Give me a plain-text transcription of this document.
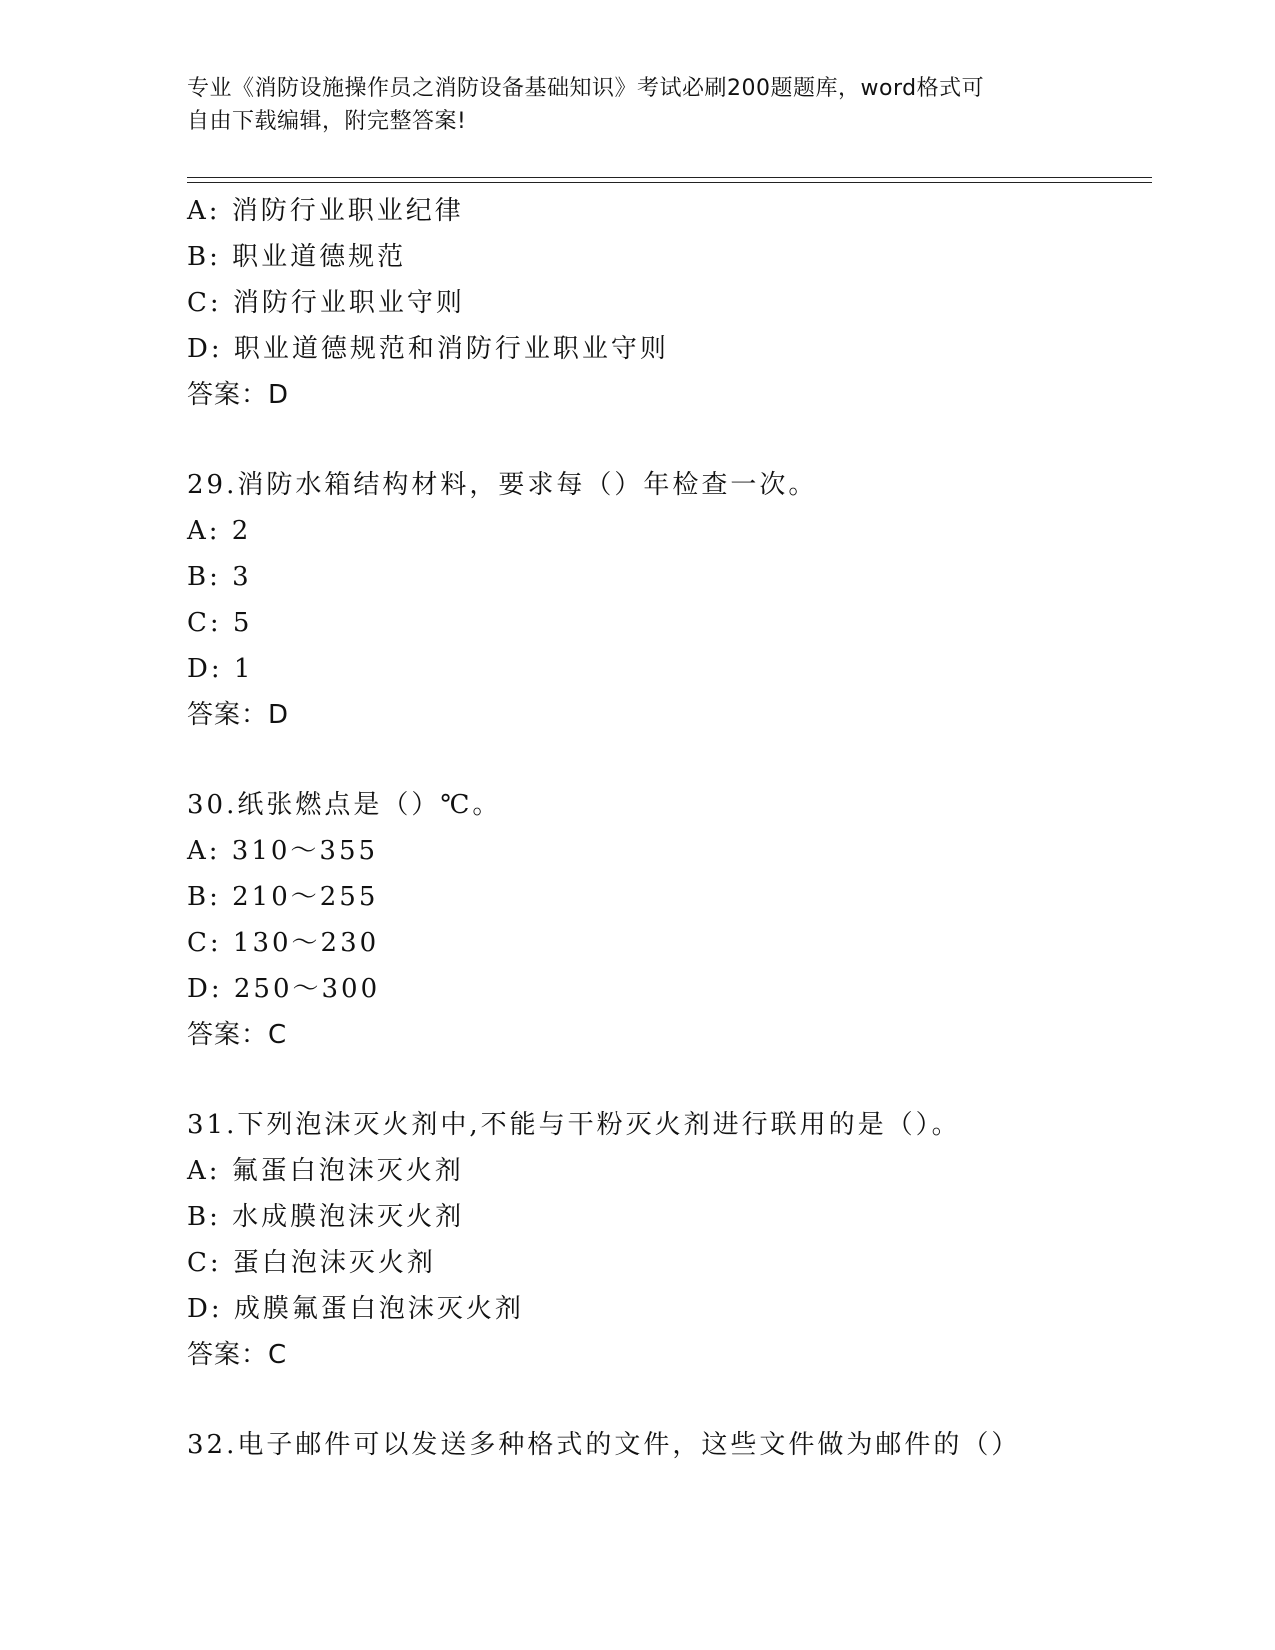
专业《消防设施操作员之消防设备基础知识》考试必刷200题题库，word格式可
自由下载编辑，附完整答案!
A: 消防行业职业纪律
B: 职业道德规范
C: 消防行业职业守则
D: 职业道德规范和消防行业职业守则
答案：D
29.消防水箱结构材料，要求每（）年检查一次。
A: 2
B: 3
C: 5
D: 1
答案：D
30.纸张燃点是（）℃。
A: 310～355
B: 210～255
C: 130～230
D: 250～300
答案：C
31.下列泡沫灭火剂中,不能与干粉灭火剂进行联用的是（）。
A: 氟蛋白泡沫灭火剂
B: 水成膜泡沫灭火剂
C: 蛋白泡沫灭火剂
D: 成膜氟蛋白泡沫灭火剂
答案：C
32.电子邮件可以发送多种格式的文件，这些文件做为邮件的（）
